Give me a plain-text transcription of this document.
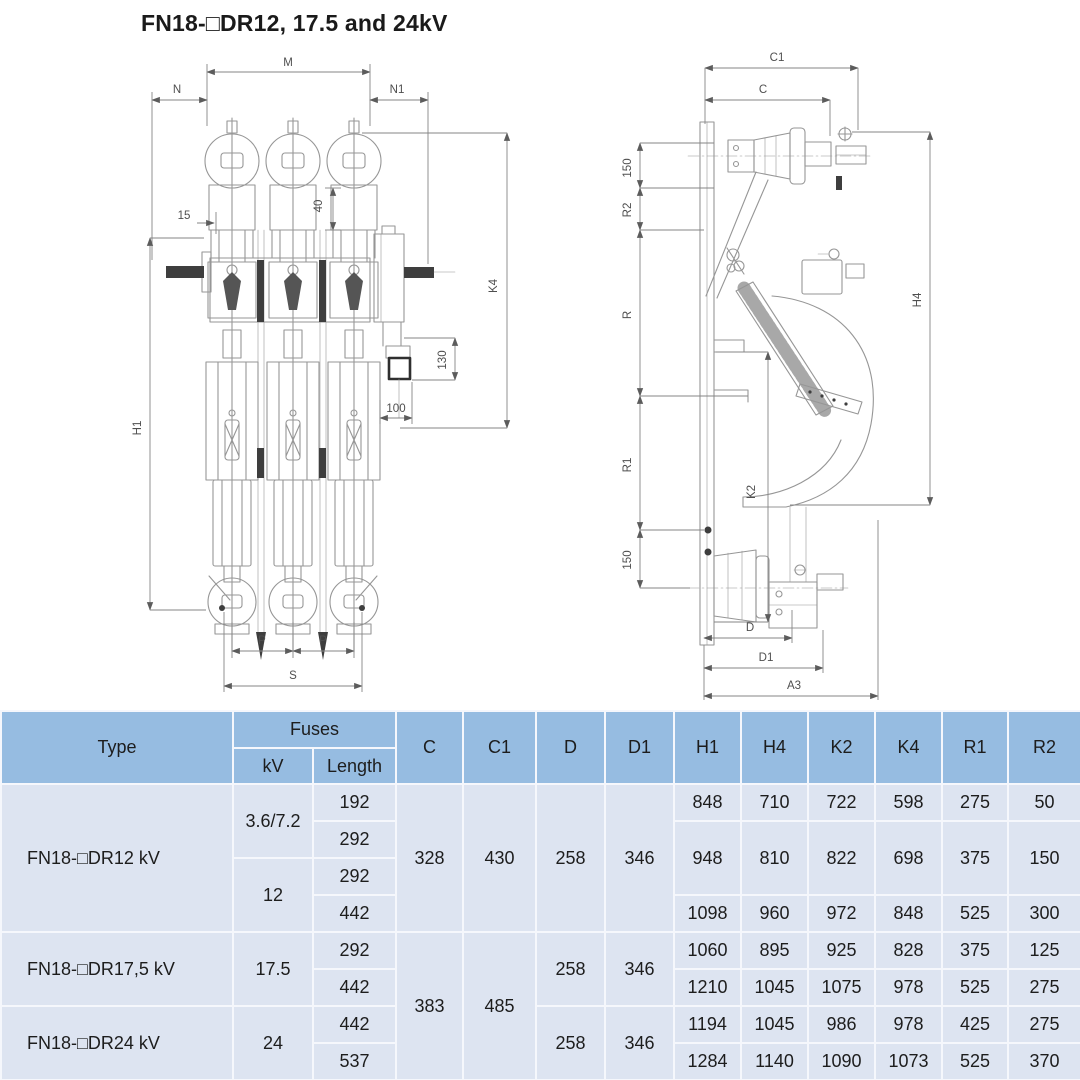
FN18-□DR12, 17.5 and 24kV
M
N	N1
15
40
H1
K4
130
100
P	P
S
C1
C
150
R2
R
R1
150
H4
K2
D
D1
A3
Type	Fuses		C	C1	D	D1	H1	H4	K2	K4	R1	R2
	kV	Length										
FN18-□DR12 kV	3.6/7.2	192	328	430	258	346	848	710	722	598	275	50
		292					948	810	822	698	375	150
	12	292										
		442					1098	960	972	848	525	300
FN18-□DR17,5 kV	17.5	292	383	485	258	346	1060	895	925	828	375	125
		442					1210	1045	1075	978	525	275
FN18-□DR24 kV	24	442			258	346	1194	1045	986	978	425	275
		537					1284	1140	1090	1073	525	370
